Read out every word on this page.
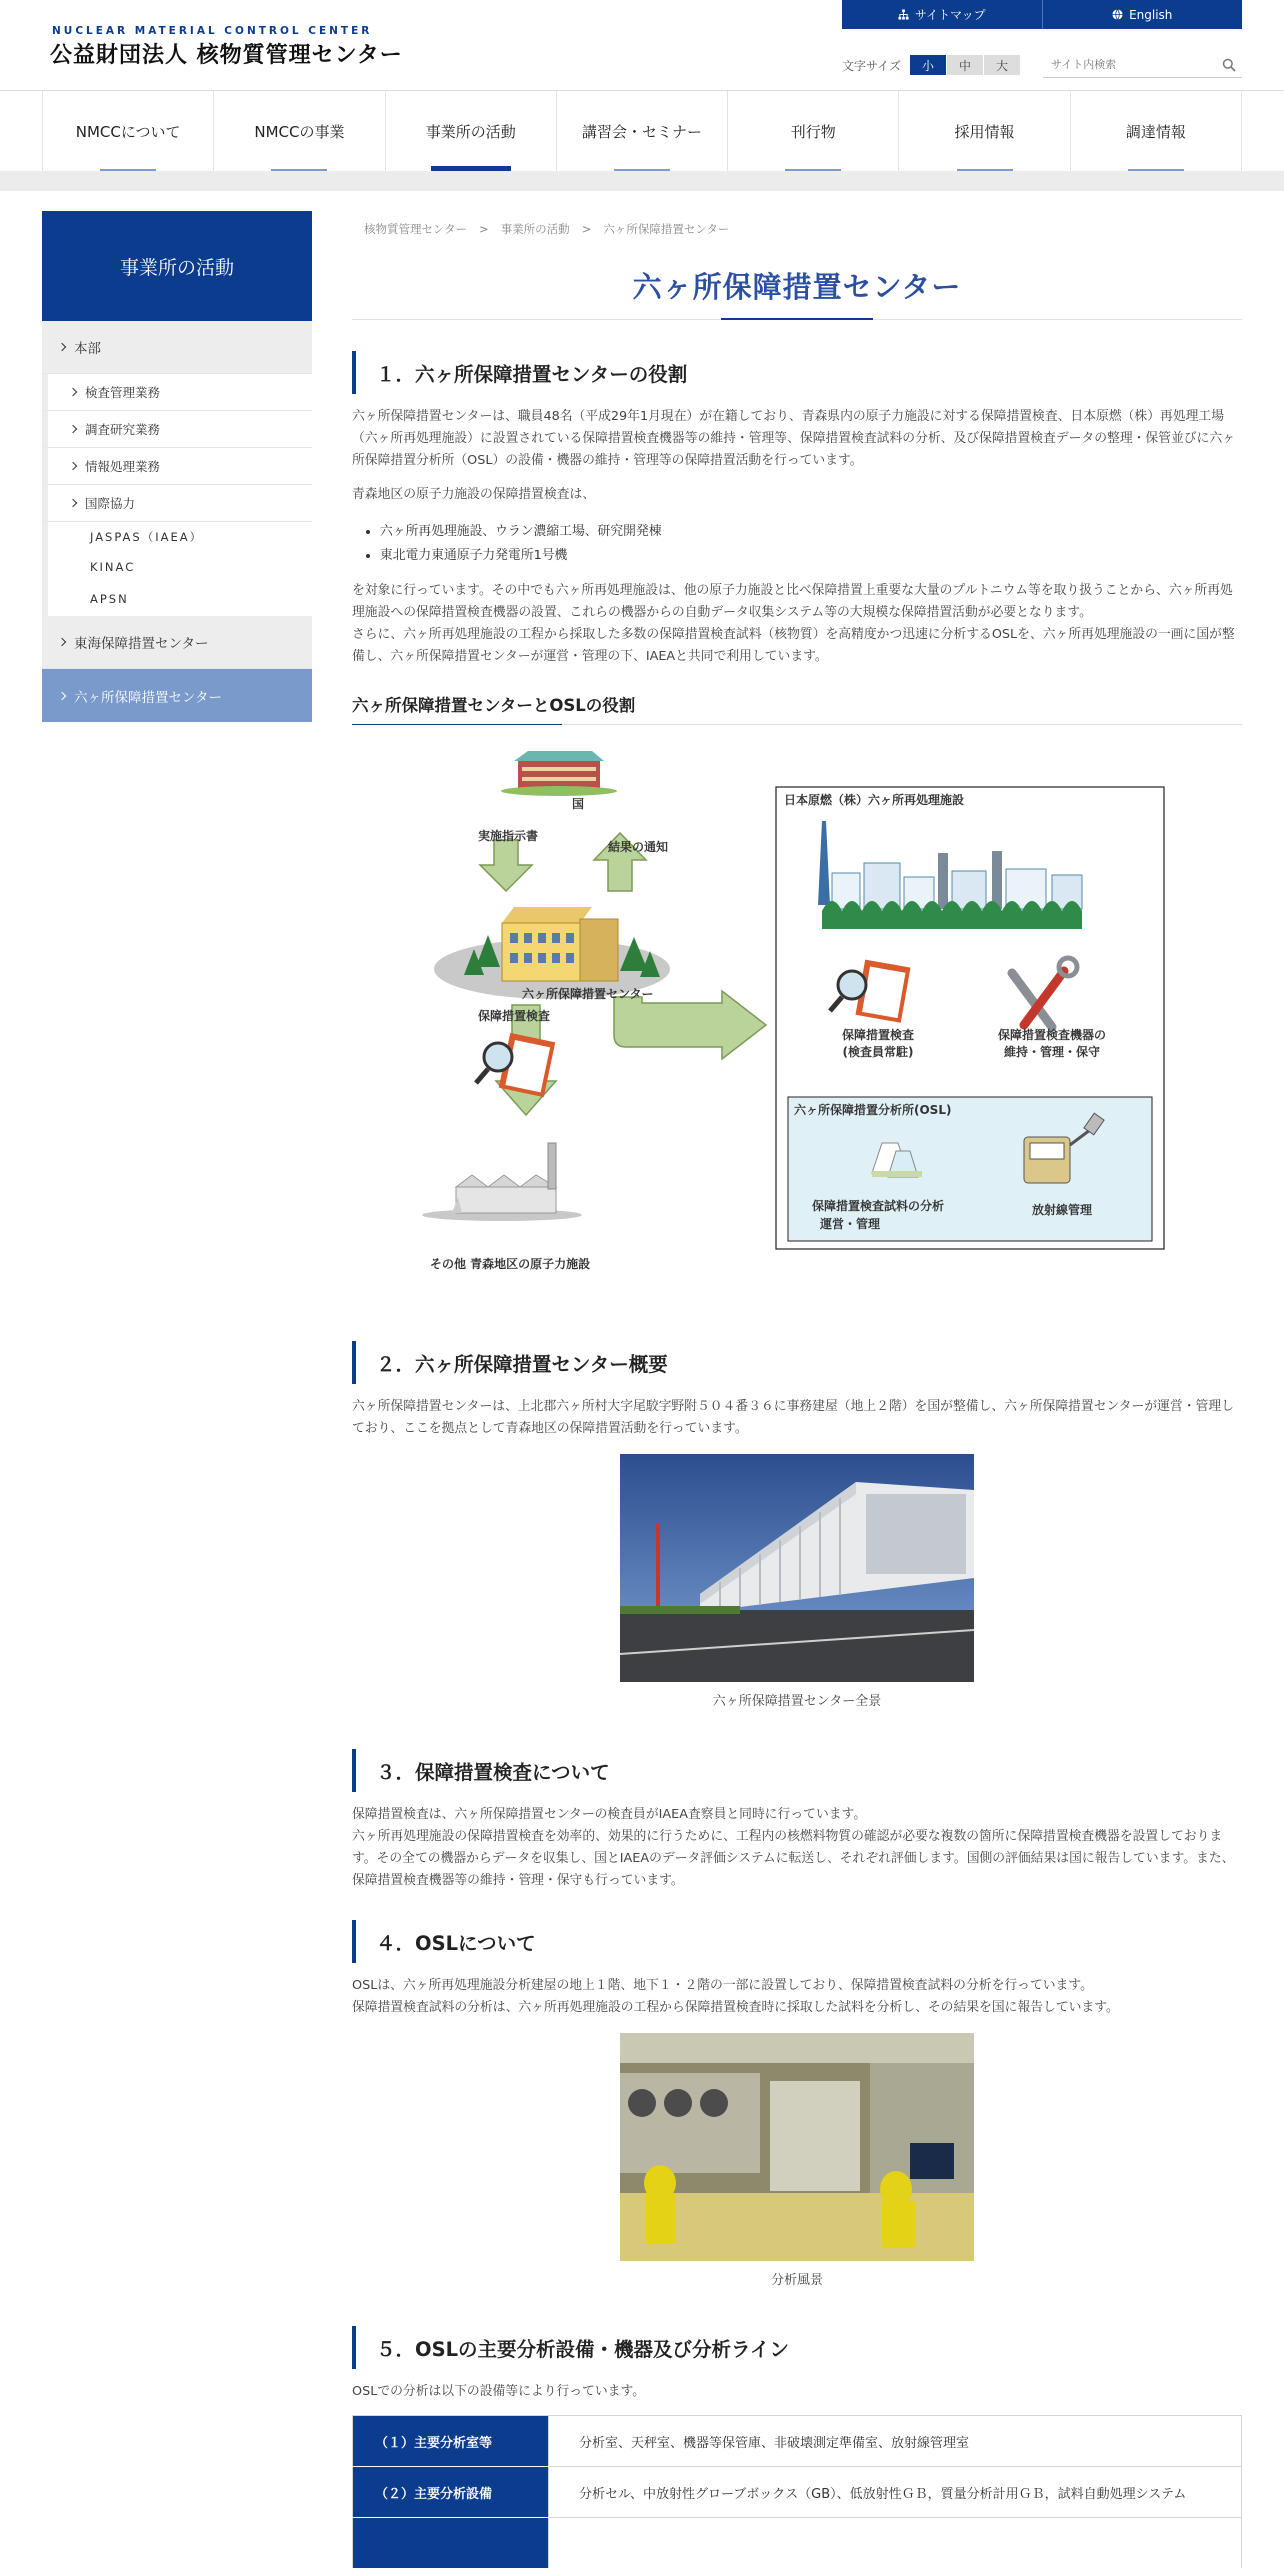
NUCLEAR MATERIAL CONTROL CENTER
公益財団法人 核物質管理センター
サイトマップ	English
文字サイズ	小	中	大
サイト内検索
NMCCについて	NMCCの事業	事業所の活動	講習会・セミナー	刊行物	採用情報	調達情報
事業所の活動
本部
検査管理業務
調査研究業務
情報処理業務
国際協力
JASPAS（IAEA）
KINAC
APSN
東海保障措置センター
六ヶ所保障措置センター
核物質管理センター > 事業所の活動 > 六ヶ所保障措置センター
六ヶ所保障措置センター
１．六ヶ所保障措置センターの役割

六ヶ所保障措置センターは、職員48名（平成29年1月現在）が在籍しており、青森県内の原子力施設に対する保障措置検査、日本原燃（株）再処理工場（六ヶ所再処理施設）に設置されている保障措置検査機器等の維持・管理等、保障措置検査試料の分析、及び保障措置検査データの整理・保管並びに六ヶ所保障措置分析所（OSL）の設備・機器の維持・管理等の保障措置活動を行っています。

青森地区の原子力施設の保障措置検査は、

• 六ヶ所再処理施設、ウラン濃縮工場、研究開発棟
• 東北電力東通原子力発電所1号機

を対象に行っています。その中でも六ヶ所再処理施設は、他の原子力施設と比べ保障措置上重要な大量のプルトニウム等を取り扱うことから、六ヶ所再処理施設への保障措置検査機器の設置、これらの機器からの自動データ収集システム等の大規模な保障措置活動が必要となります。

さらに、六ヶ所再処理施設の工程から採取した多数の保障措置検査試料（核物質）を高精度かつ迅速に分析するOSLを、六ヶ所再処理施設の一画に国が整備し、六ヶ所保障措置センターが運営・管理の下、IAEAと共同で利用しています。

六ヶ所保障措置センターとOSLの役割
国
実施指示書
結果の通知
六ヶ所保障措置センター
保障措置検査
その他 青森地区の原子力施設
日本原燃（株）六ヶ所再処理施設
保障措置検査
(検査員常駐)
保障措置検査機器の
維持・管理・保守
六ヶ所保障措置分析所(OSL)
保障措置検査試料の分析
運営・管理
放射線管理
２．六ヶ所保障措置センター概要

六ヶ所保障措置センターは、上北郡六ヶ所村大字尾駮字野附５０４番３６に事務建屋（地上２階）を国が整備し、六ヶ所保障措置センターが運営・管理しており、ここを拠点として青森地区の保障措置活動を行っています。

六ヶ所保障措置センター全景
３．保障措置検査について

保障措置検査は、六ヶ所保障措置センターの検査員がIAEA査察員と同時に行っています。

六ヶ所再処理施設の保障措置検査を効率的、効果的に行うために、工程内の核燃料物質の確認が必要な複数の箇所に保障措置検査機器を設置しております。その全ての機器からデータを収集し、国とIAEAのデータ評価システムに転送し、それぞれ評価します。国側の評価結果は国に報告しています。また、保障措置検査機器等の維持・管理・保守も行っています。

４．OSLについて

OSLは、六ヶ所再処理施設分析建屋の地上１階、地下１・２階の一部に設置しており、保障措置検査試料の分析を行っています。

保障措置検査試料の分析は、六ヶ所再処理施設の工程から保障措置検査時に採取した試料を分析し、その結果を国に報告しています。

分析風景
５．OSLの主要分析設備・機器及び分析ライン

OSLでの分析は以下の設備等により行っています。

（１）主要分析室等	分析室、天秤室、機器等保管庫、非破壊測定準備室、放射線管理室
（２）主要分析設備	分析セル、中放射性グローブボックス（GB）、低放射性ＧＢ，質量分析計用ＧＢ，試料自動処理システム
